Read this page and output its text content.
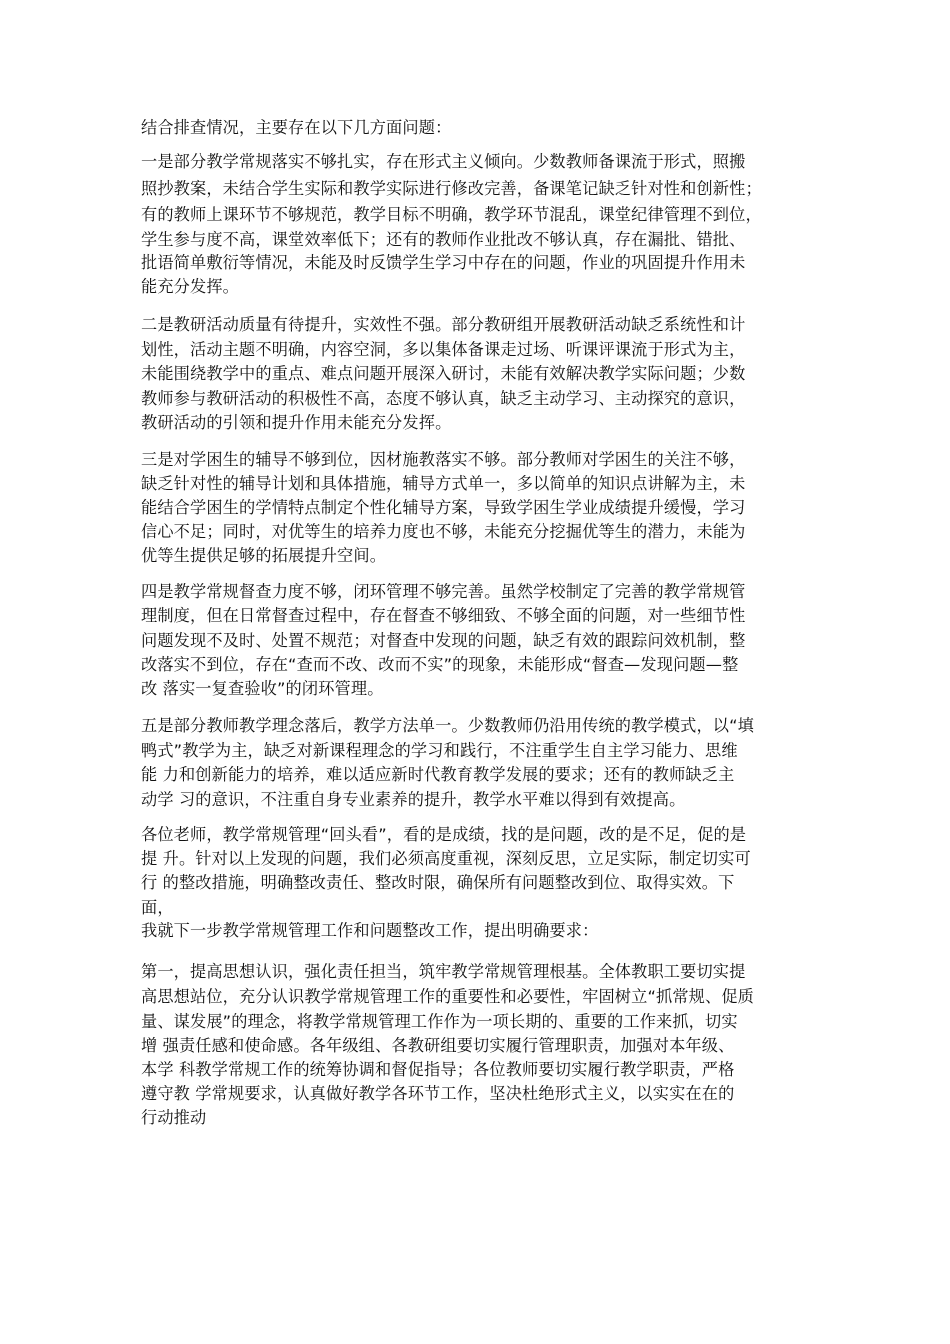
结合排查情况，主要存在以下几方面问题：
一是部分教学常规落实不够扎实，存在形式主义倾向。少数教师备课流于形式，照搬
照抄教案，未结合学生实际和教学实际进行修改完善，备课笔记缺乏针对性和创新性；
有的教师上课环节不够规范，教学目标不明确，教学环节混乱，课堂纪律管理不到位，
学生参与度不高，课堂效率低下；还有的教师作业批改不够认真，存在漏批、错批、
批语简单敷衍等情况，未能及时反馈学生学习中存在的问题，作业的巩固提升作用未
能充分发挥。
二是教研活动质量有待提升，实效性不强。部分教研组开展教研活动缺乏系统性和计
划性，活动主题不明确，内容空洞，多以集体备课走过场、听课评课流于形式为主，
未能围绕教学中的重点、难点问题开展深入研讨，未能有效解决教学实际问题；少数
教师参与教研活动的积极性不高，态度不够认真，缺乏主动学习、主动探究的意识，
教研活动的引领和提升作用未能充分发挥。
三是对学困生的辅导不够到位，因材施教落实不够。部分教师对学困生的关注不够，
缺乏针对性的辅导计划和具体措施，辅导方式单一，多以简单的知识点讲解为主，未
能结合学困生的学情特点制定个性化辅导方案，导致学困生学业成绩提升缓慢，学习
信心不足；同时，对优等生的培养力度也不够，未能充分挖掘优等生的潜力，未能为
优等生提供足够的拓展提升空间。
四是教学常规督查力度不够，闭环管理不够完善。虽然学校制定了完善的教学常规管
理制度，但在日常督查过程中，存在督查不够细致、不够全面的问题，对一些细节性
问题发现不及时、处置不规范；对督查中发现的问题，缺乏有效的跟踪问效机制，整
改落实不到位，存在“查而不改、改而不实”的现象，未能形成“督查—发现问题—整
改 落实一复查验收”的闭环管理。
五是部分教师教学理念落后，教学方法单一。少数教师仍沿用传统的教学模式，以“填
鸭式”教学为主，缺乏对新课程理念的学习和践行，不注重学生自主学习能力、思维
能 力和创新能力的培养，难以适应新时代教育教学发展的要求；还有的教师缺乏主
动学 习的意识，不注重自身专业素养的提升，教学水平难以得到有效提高。
各位老师，教学常规管理“回头看”，看的是成绩，找的是问题，改的是不足，促的是
提 升。针对以上发现的问题，我们必须高度重视，深刻反思，立足实际，制定切实可
行 的整改措施，明确整改责任、整改时限，确保所有问题整改到位、取得实效。下
面，
我就下一步教学常规管理工作和问题整改工作，提出明确要求：
第一，提高思想认识，强化责任担当，筑牢教学常规管理根基。全体教职工要切实提
高思想站位，充分认识教学常规管理工作的重要性和必要性，牢固树立“抓常规、促质
量、谋发展”的理念，将教学常规管理工作作为一项长期的、重要的工作来抓，切实
增 强责任感和使命感。各年级组、各教研组要切实履行管理职责，加强对本年级、
本学 科教学常规工作的统筹协调和督促指导；各位教师要切实履行教学职责，严格
遵守教 学常规要求，认真做好教学各环节工作，坚决杜绝形式主义，以实实在在的
行动推动
